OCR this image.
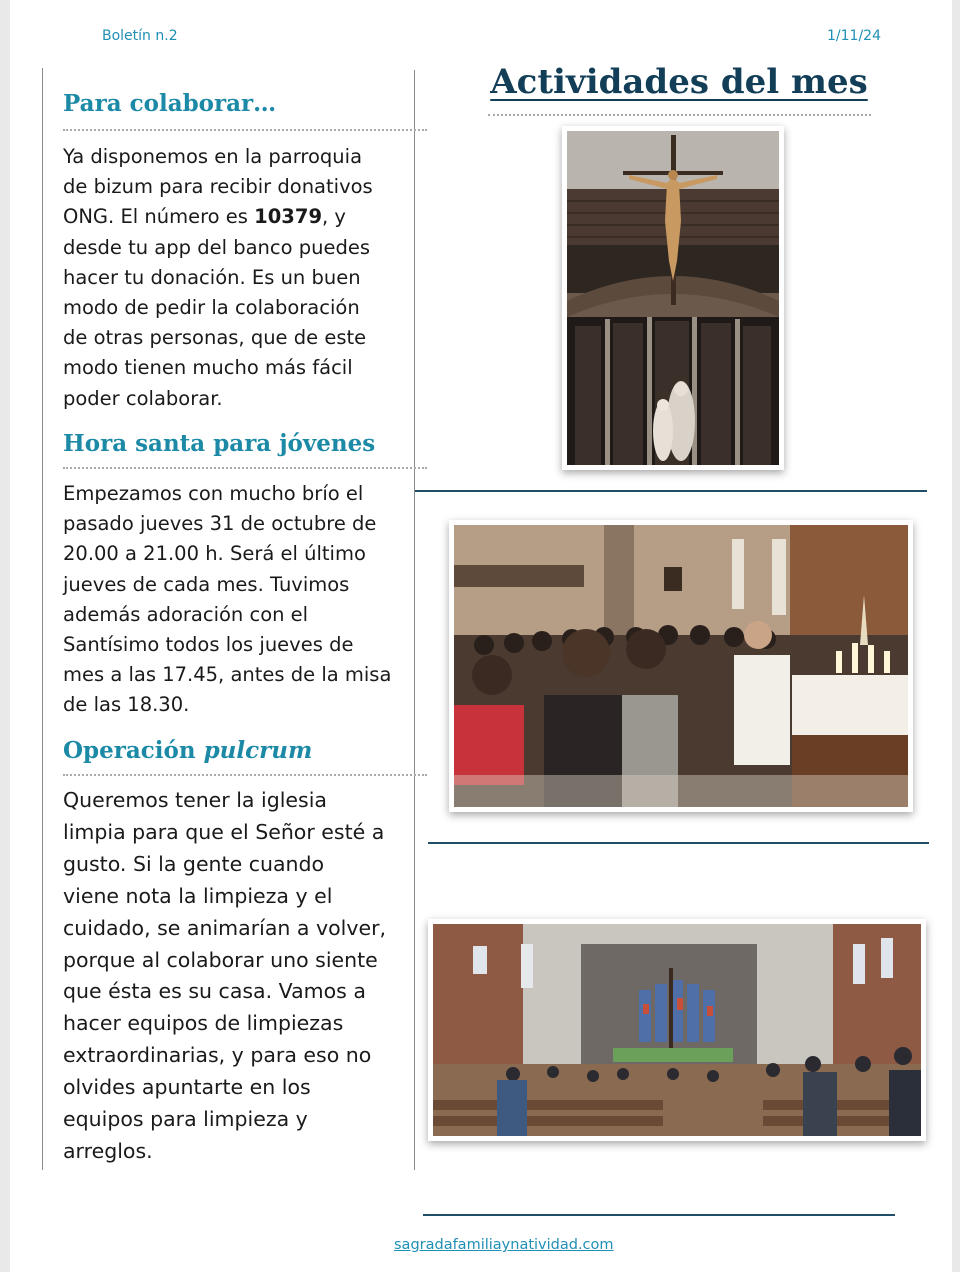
Boletín n.2	1/11/24
Para colaborar…

Ya disponemos en la parroquia
de bizum para recibir donativos
ONG. El número es 10379, y
desde tu app del banco puedes
hacer tu donación. Es un buen
modo de pedir la colaboración
de otras personas, que de este
modo tienen mucho más fácil
poder colaborar.

Hora santa para jóvenes

Empezamos con mucho brío el
pasado jueves 31 de octubre de
20.00 a 21.00 h. Será el último
jueves de cada mes. Tuvimos
además adoración con el
Santísimo todos los jueves de
mes a las 17.45, antes de la misa
de las 18.30.

Operación pulcrum

Queremos tener la iglesia
limpia para que el Señor esté a
gusto. Si la gente cuando
viene nota la limpieza y el
cuidado, se animarían a volver,
porque al colaborar uno siente
que ésta es su casa. Vamos a
hacer equipos de limpiezas
extraordinarias, y para eso no
olvides apuntarte en los
equipos para limpieza y
arreglos.

Actividades del mes
sagradafamiliaynatividad.com
